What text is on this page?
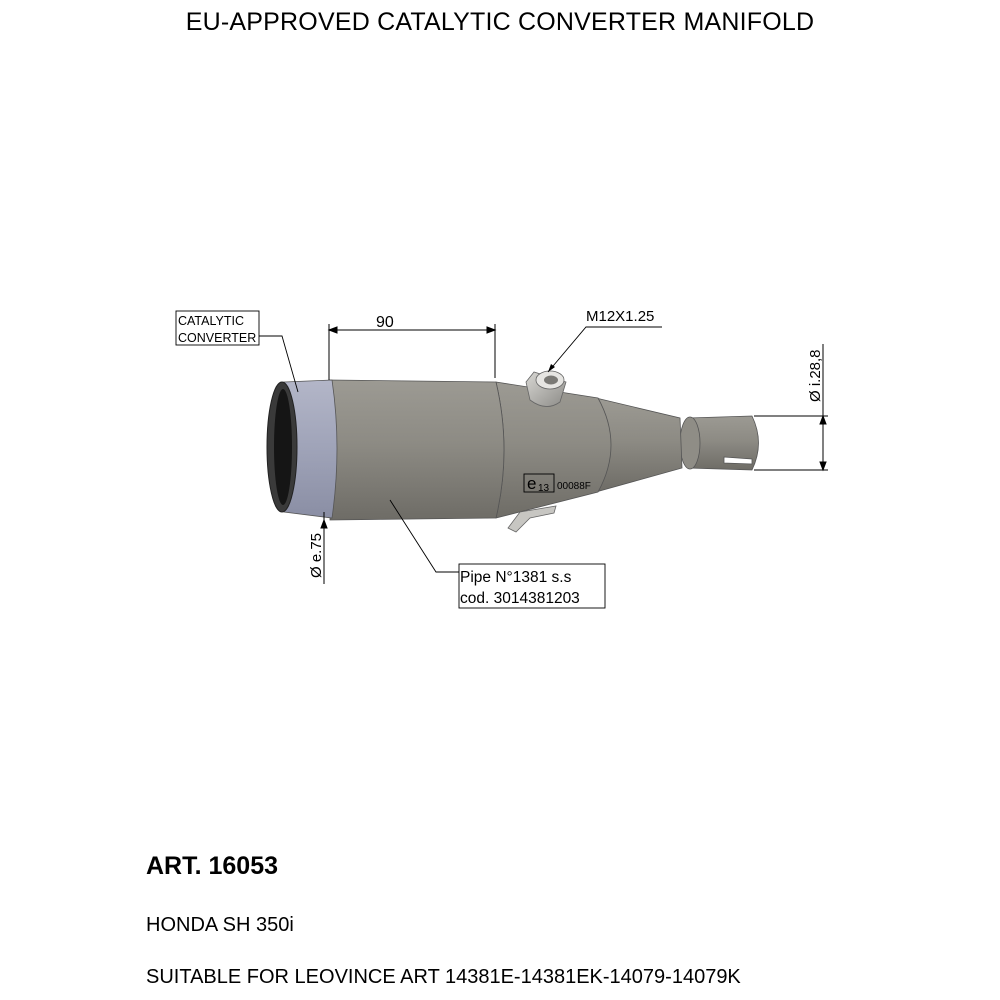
EU-APPROVED CATALYTIC CONVERTER MANIFOLD
e 13 00088F
90
CATALYTIC
CONVERTER
M12X1.25
Ø i.28,8
Ø e.75	Pipe N°1381 s.s
cod. 3014381203
ART. 16053
HONDA SH 350i
SUITABLE FOR LEOVINCE ART 14381E-14381EK-14079-14079K
